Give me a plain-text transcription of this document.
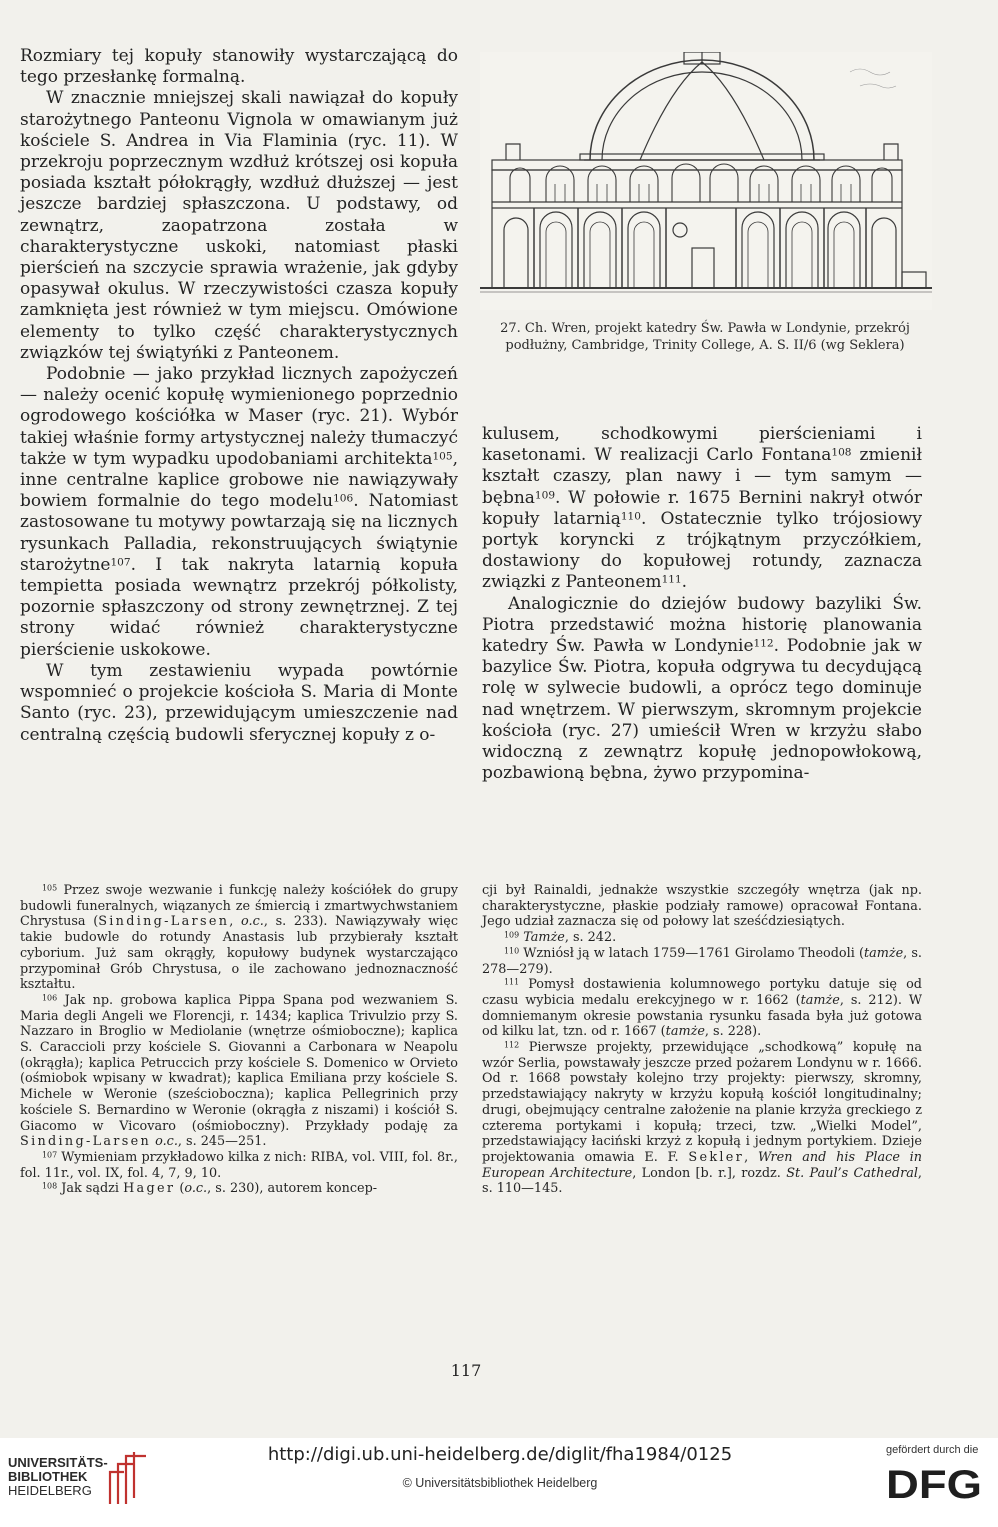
Rozmiary tej kopuły stanowiły wystarczającą do tego przesłankę formalną.

W znacznie mniejszej skali nawiązał do kopuły starożytnego Panteonu Vignola w omawianym już kościele S. Andrea in Via Flaminia (ryc. 11). W przekroju poprzecznym wzdłuż krótszej osi kopuła posiada kształt półokrągły, wzdłuż dłuższej — jest jeszcze bardziej spłaszczona. U podstawy, od zewnątrz, zaopatrzona została w charakterystyczne uskoki, natomiast płaski pierścień na szczycie sprawia wrażenie, jak gdyby opasywał okulus. W rzeczywistości czasza kopuły zamknięta jest również w tym miejscu. Omówione elementy to tylko część charakterystycznych związków tej świątyńki z Panteonem.

Podobnie — jako przykład licznych zapożyczeń — należy ocenić kopułę wymienionego poprzednio ogrodowego kościółka w Maser (ryc. 21). Wybór takiej właśnie formy artystycznej należy tłumaczyć także w tym wypadku upodobaniami architekta$^{105}$, inne centralne kaplice grobowe nie nawiązywały bowiem formalnie do tego modelu$^{106}$. Natomiast zastosowane tu motywy powtarzają się na licznych rysunkach Palladia, rekonstruujących świątynie starożytne$^{107}$. I tak nakryta latarnią kopuła tempietta posiada wewnątrz przekrój półkolisty, pozornie spłaszczony od strony zewnętrznej. Z tej strony widać również charakterystyczne pierścienie uskokowe.

W tym zestawieniu wypada powtórnie wspomnieć o projekcie kościoła S. Maria di Monte Santo (ryc. 23), przewidującym umieszczenie nad centralną częścią budowli sferycznej kopuły z o-

27. Ch. Wren, projekt katedry Św. Pawła w Londynie, przekrój podłużny, Cambridge, Trinity College, A. S. II/6 (wg Seklera)

kulusem, schodkowymi pierścieniami i kasetonami. W realizacji Carlo Fontana$^{108}$ zmienił kształt czaszy, plan nawy i — tym samym — bębna$^{109}$. W połowie r. 1675 Bernini nakrył otwór kopuły latarnią$^{110}$. Ostatecznie tylko trójosiowy portyk koryncki z trójkątnym przyczółkiem, dostawiony do kopułowej rotundy, zaznacza związki z Panteonem$^{111}$.

Analogicznie do dziejów budowy bazyliki Św. Piotra przedstawić można historię planowania katedry Św. Pawła w Londynie$^{112}$. Podobnie jak w bazylice Św. Piotra, kopuła odgrywa tu decydującą rolę w sylwecie budowli, a oprócz tego dominuje nad wnętrzem. W pierwszym, skromnym projekcie kościoła (ryc. 27) umieścił Wren w krzyżu słabo widoczną z zewnątrz kopułę jednopowłokową, pozbawioną bębna, żywo przypomina-

$^{105}$ Przez swoje wezwanie i funkcję należy kościółek do grupy budowli funeralnych, wiązanych ze śmiercią i zmartwychwstaniem Chrystusa (Sinding-Larsen, o.c., s. 233). Nawiązywały więc takie budowle do rotundy Anastasis lub przybierały kształt cyborium. Już sam okrągły, kopułowy budynek wystarczająco przypominał Grób Chrystusa, o ile zachowano jednoznaczność kształtu.

$^{106}$ Jak np. grobowa kaplica Pippa Spana pod wezwaniem S. Maria degli Angeli we Florencji, r. 1434; kaplica Trivulzio przy S. Nazzaro in Broglio w Mediolanie (wnętrze ośmioboczne); kaplica S. Caraccioli przy kościele S. Giovanni a Carbonara w Neapolu (okrągła); kaplica Petruccich przy kościele S. Domenico w Orvieto (ośmiobok wpisany w kwadrat); kaplica Emiliana przy kościele S. Michele w Weronie (sześcioboczna); kaplica Pellegrinich przy kościele S. Bernardino w Weronie (okrągła z niszami) i kościół S. Giacomo w Vicovaro (ośmioboczny). Przykłady podaję za Sinding-Larsen o.c., s. 245—251.

$^{107}$ Wymieniam przykładowo kilka z nich: RIBA, vol. VIII, fol. 8r., fol. 11r., vol. IX, fol. 4, 7, 9, 10.

$^{108}$ Jak sądzi Hager (o.c., s. 230), autorem koncep-

cji był Rainaldi, jednakże wszystkie szczegóły wnętrza (jak np. charakterystyczne, płaskie podziały ramowe) opracował Fontana. Jego udział zaznacza się od połowy lat sześćdziesiątych.

$^{109}$ Tamże, s. 242.

$^{110}$ Wzniósł ją w latach 1759—1761 Girolamo Theodoli (tamże, s. 278—279).

$^{111}$ Pomysł dostawienia kolumnowego portyku datuje się od czasu wybicia medalu erekcyjnego w r. 1662 (tamże, s. 212). W domniemanym okresie powstania rysunku fasada była już gotowa od kilku lat, tzn. od r. 1667 (tamże, s. 228).

$^{112}$ Pierwsze projekty, przewidujące „schodkową” kopułę na wzór Serlia, powstawały jeszcze przed pożarem Londynu w r. 1666. Od r. 1668 powstały kolejno trzy projekty: pierwszy, skromny, przedstawiający nakryty w krzyżu kopułą kościół longitudinalny; drugi, obejmujący centralne założenie na planie krzyża greckiego z czterema portykami i kopułą; trzeci, tzw. „Wielki Model”, przedstawiający łaciński krzyż z kopułą i jednym portykiem. Dzieje projektowania omawia E. F. Sekler, Wren and his Place in European Architecture, London [b. r.], rozdz. St. Paul’s Cathedral, s. 110—145.

117
UNIVERSITÄTS-
BIBLIOTHEK
HEIDELBERG
http://digi.ub.uni-heidelberg.de/diglit/fha1984/0125
© Universitätsbibliothek Heidelberg
gefördert durch die
DFG
